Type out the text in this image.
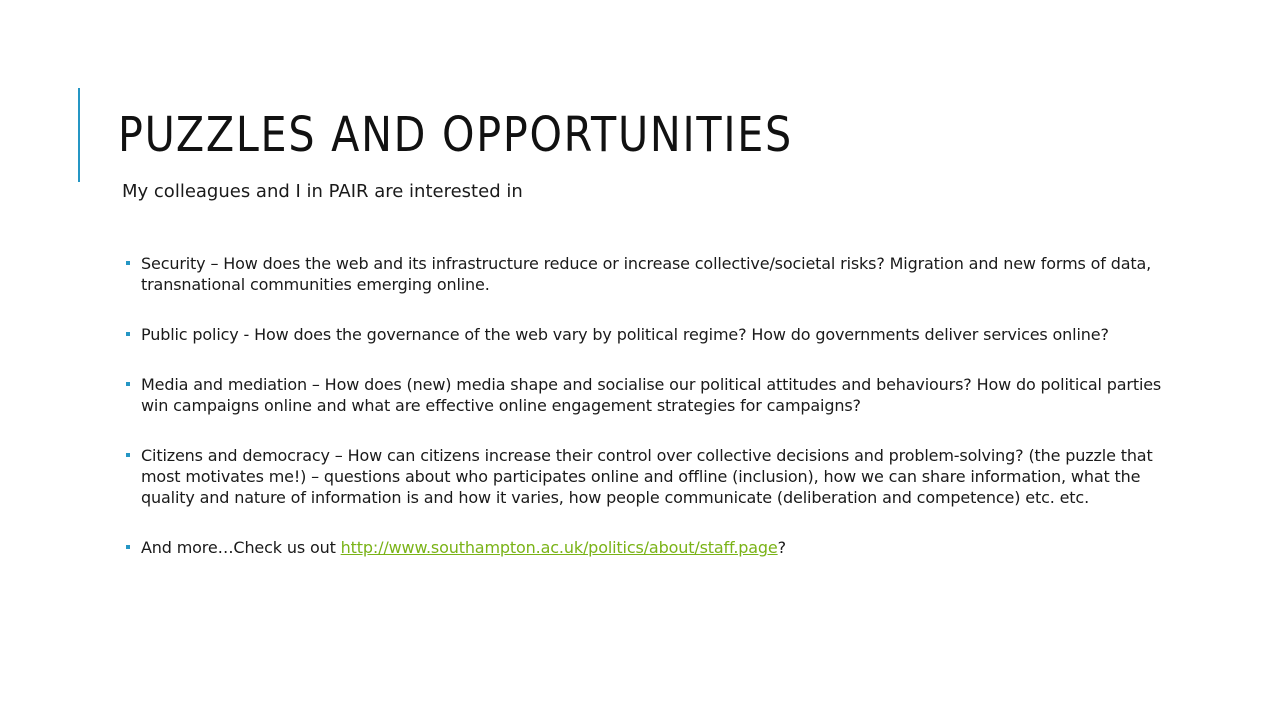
PUZZLES AND OPPORTUNITIES

My colleagues and I in PAIR are interested in

Security – How does the web and its infrastructure reduce or increase collective/societal risks? Migration and new forms of data, transnational communities emerging online.
Public policy - How does the governance of the web vary by political regime? How do governments deliver services online?
Media and mediation – How does (new) media shape and socialise our political attitudes and behaviours? How do political parties win campaigns online and what are effective online engagement strategies for campaigns?
Citizens and democracy – How can citizens increase their control over collective decisions and problem-solving? (the puzzle that most motivates me!) – questions about who participates online and offline (inclusion), how we can share information, what the quality and nature of information is and how it varies, how people communicate (deliberation and competence) etc. etc.
And more…Check us out http://www.southampton.ac.uk/politics/about/staff.page?
